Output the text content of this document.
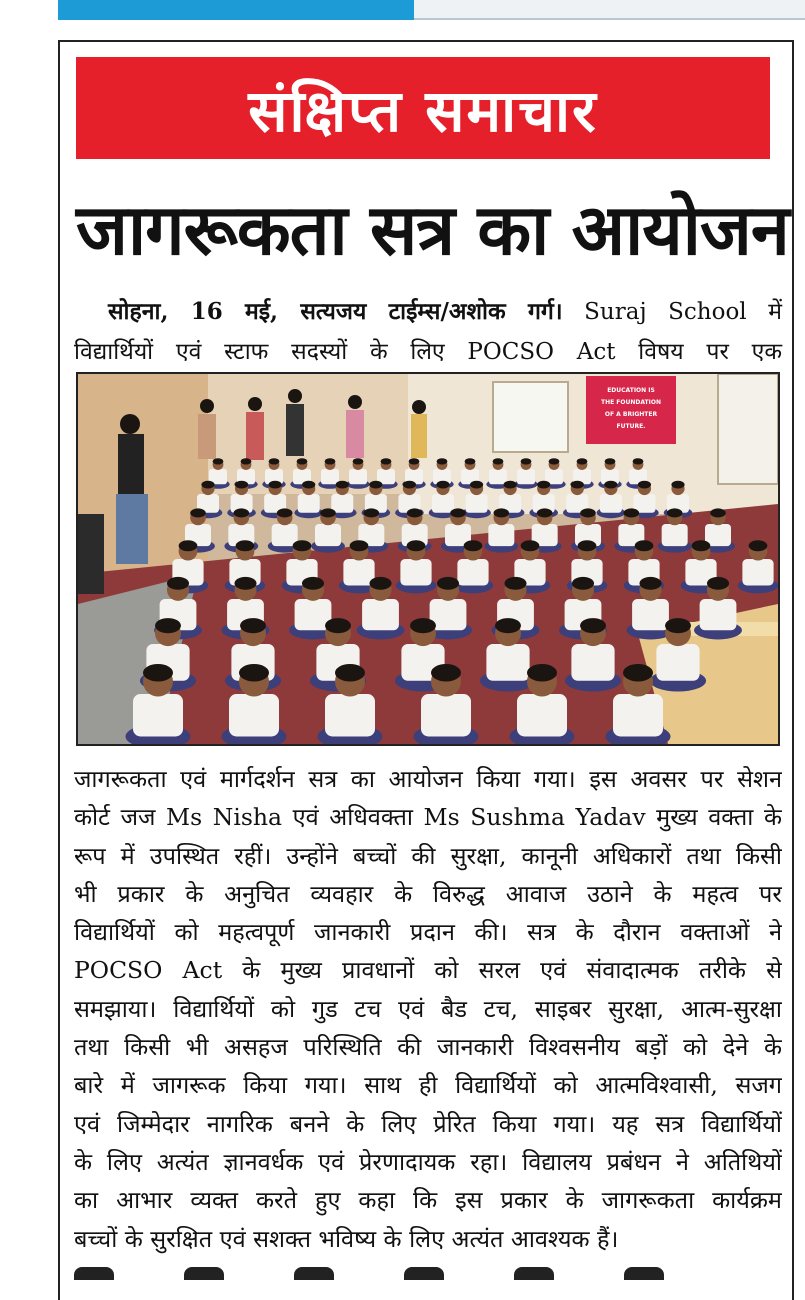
संक्षिप्त समाचार
जागरूकता सत्र का आयोजन
सोहना, 16 मई, सत्यजय टाईम्स/अशोक गर्ग। Suraj School में
विद्यार्थियों एवं स्टाफ सदस्यों के लिए POCSO Act विषय पर एक
EDUCATION IS
THE FOUNDATION
OF A BRIGHTER
FUTURE.
जागरूकता एवं मार्गदर्शन सत्र का आयोजन किया गया। इस अवसर पर सेशन
कोर्ट जज Ms Nisha एवं अधिवक्ता Ms Sushma Yadav मुख्य वक्ता के
रूप में उपस्थित रहीं। उन्होंने बच्चों की सुरक्षा, कानूनी अधिकारों तथा किसी
भी प्रकार के अनुचित व्यवहार के विरुद्ध आवाज उठाने के महत्व पर
विद्यार्थियों को महत्वपूर्ण जानकारी प्रदान की। सत्र के दौरान वक्ताओं ने
POCSO Act के मुख्य प्रावधानों को सरल एवं संवादात्मक तरीके से
समझाया। विद्यार्थियों को गुड टच एवं बैड टच, साइबर सुरक्षा, आत्म-सुरक्षा
तथा किसी भी असहज परिस्थिति की जानकारी विश्वसनीय बड़ों को देने के
बारे में जागरूक किया गया। साथ ही विद्यार्थियों को आत्मविश्वासी, सजग
एवं जिम्मेदार नागरिक बनने के लिए प्रेरित किया गया। यह सत्र विद्यार्थियों
के लिए अत्यंत ज्ञानवर्धक एवं प्रेरणादायक रहा। विद्यालय प्रबंधन ने अतिथियों
का आभार व्यक्त करते हुए कहा कि इस प्रकार के जागरूकता कार्यक्रम
बच्चों के सुरक्षित एवं सशक्त भविष्य के लिए अत्यंत आवश्यक हैं।
